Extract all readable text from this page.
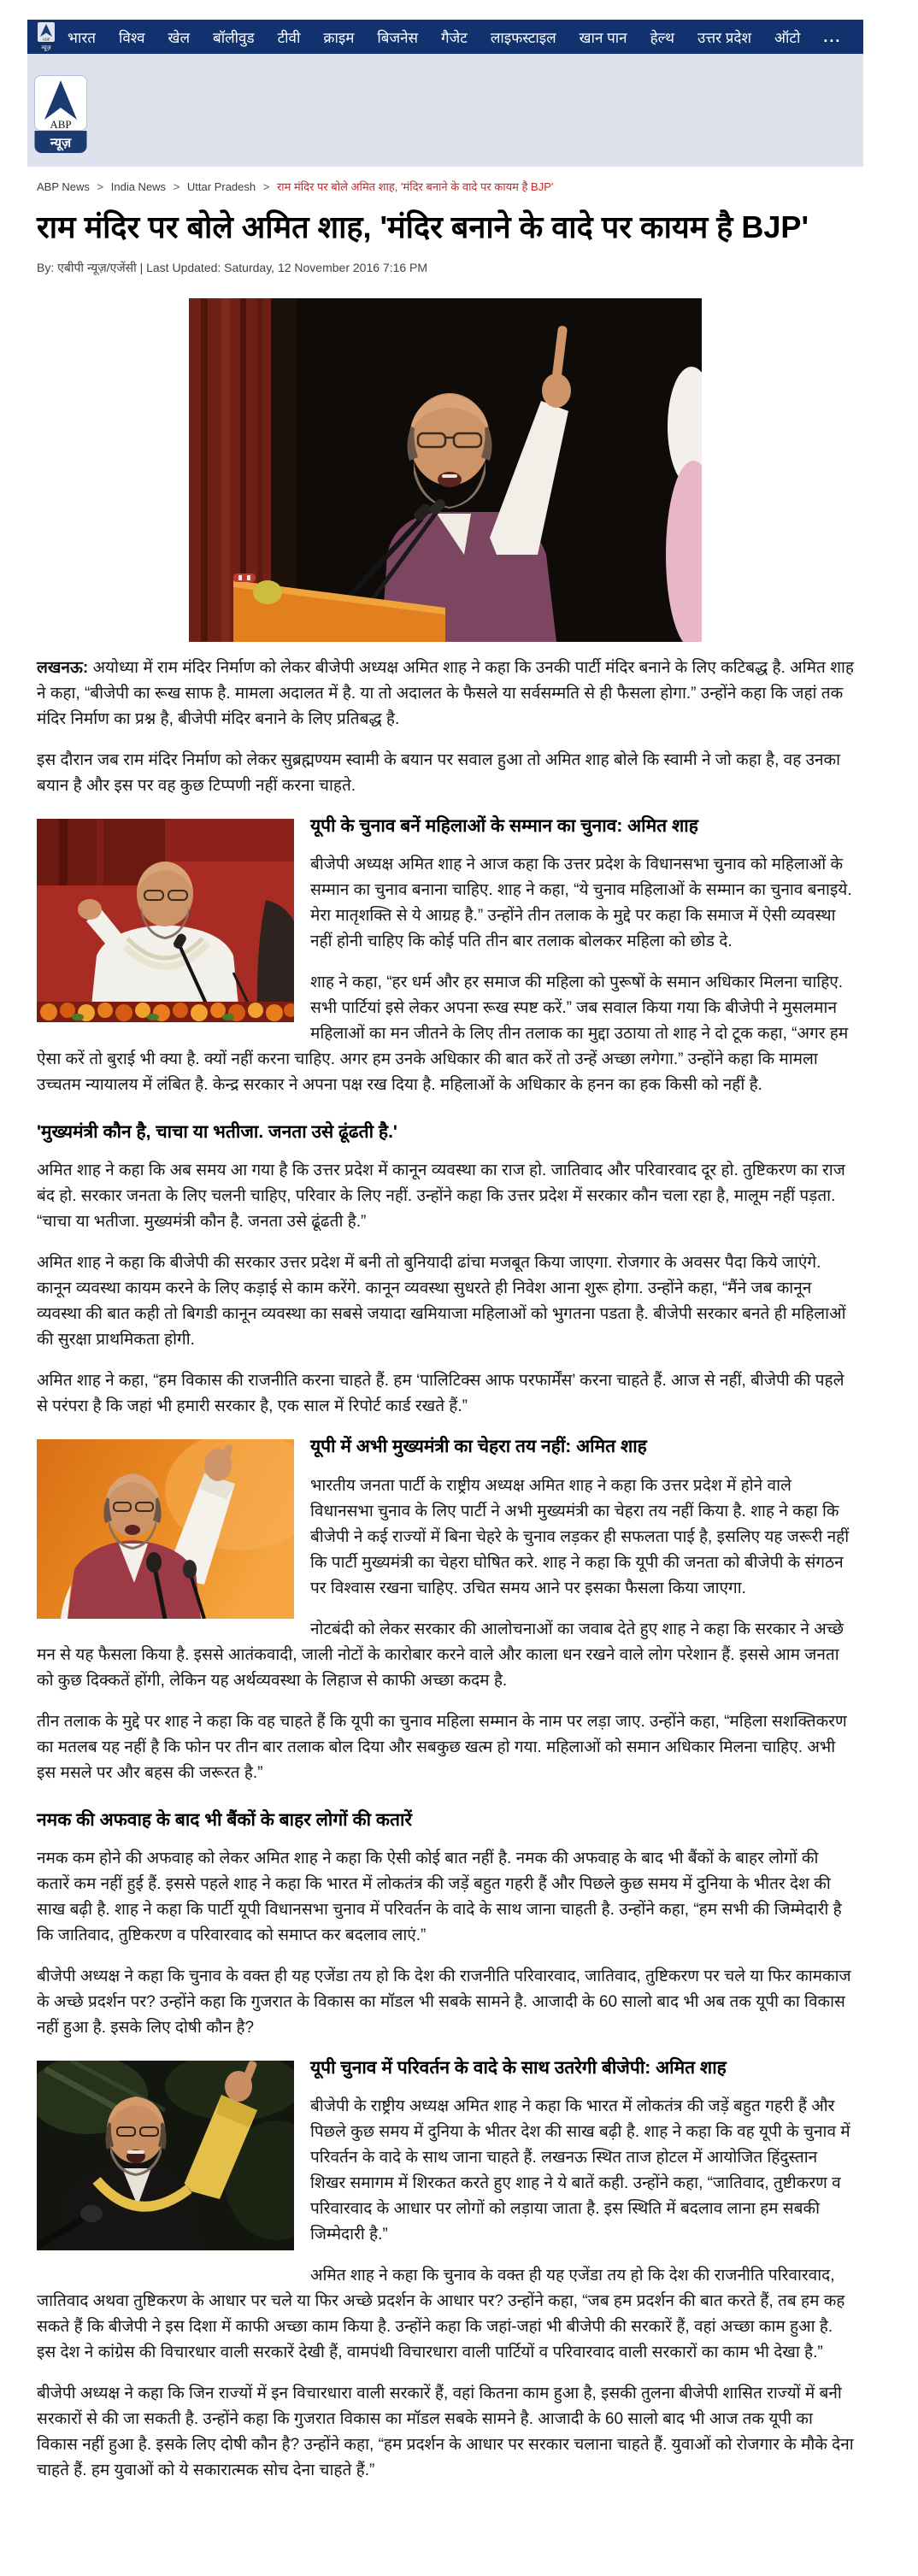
ABP
न्यूज़
भारत विश्व खेल बॉलीवुड टीवी क्राइम बिजनेस गैजेट लाइफस्टाइल खान पान हेल्थ उत्तर प्रदेश ऑटो ...
ABP
न्यूज़
ABP News > India News > Uttar Pradesh > राम मंदिर पर बोले अमित शाह, 'मंदिर बनाने के वादे पर कायम है BJP'
राम मंदिर पर बोले अमित शाह, 'मंदिर बनाने के वादे पर कायम है BJP'
By: एबीपी न्यूज़/एजेंसी | Last Updated: Saturday, 12 November 2016 7:16 PM

लखनऊ: अयोध्या में राम मंदिर निर्माण को लेकर बीजेपी अध्यक्ष अमित शाह ने कहा कि उनकी पार्टी मंदिर बनाने के लिए कटिबद्ध है. अमित शाह ने कहा, “बीजेपी का रूख साफ है. मामला अदालत में है. या तो अदालत के फैसले या सर्वसम्मति से ही फैसला होगा.” उन्होंने कहा कि जहां तक मंदिर निर्माण का प्रश्न है, बीजेपी मंदिर बनाने के लिए प्रतिबद्ध है.

इस दौरान जब राम मंदिर निर्माण को लेकर सुब्रह्मण्यम स्वामी के बयान पर सवाल हुआ तो अमित शाह बोले कि स्वामी ने जो कहा है, वह उनका बयान है और इस पर वह कुछ टिप्पणी नहीं करना चाहते.

यूपी के चुनाव बनें महिलाओं के सम्मान का चुनाव: अमित शाह

बीजेपी अध्यक्ष अमित शाह ने आज कहा कि उत्तर प्रदेश के विधानसभा चुनाव को महिलाओं के सम्मान का चुनाव बनाना चाहिए. शाह ने कहा, “ये चुनाव महिलाओं के सम्मान का चुनाव बनाइये. मेरा मातृशक्ति से ये आग्रह है.” उन्होंने तीन तलाक के मुद्दे पर कहा कि समाज में ऐसी व्यवस्था नहीं होनी चाहिए कि कोई पति तीन बार तलाक बोलकर महिला को छोड दे.

शाह ने कहा, “हर धर्म और हर समाज की महिला को पुरूषों के समान अधिकार मिलना चाहिए. सभी पार्टियां इसे लेकर अपना रूख स्पष्ट करें.” जब सवाल किया गया कि बीजेपी ने मुसलमान महिलाओं का मन जीतने के लिए तीन तलाक का मुद्दा उठाया तो शाह ने दो टूक कहा, “अगर हम ऐसा करें तो बुराई भी क्या है. क्यों नहीं करना चाहिए. अगर हम उनके अधिकार की बात करें तो उन्हें अच्छा लगेगा.” उन्होंने कहा कि मामला उच्चतम न्यायालय में लंबित है. केन्द्र सरकार ने अपना पक्ष रख दिया है. महिलाओं के अधिकार के हनन का हक किसी को नहीं है.

'मुख्यमंत्री कौन है, चाचा या भतीजा. जनता उसे ढूंढती है.'

अमित शाह ने कहा कि अब समय आ गया है कि उत्तर प्रदेश में कानून व्यवस्था का राज हो. जातिवाद और परिवारवाद दूर हो. तुष्टिकरण का राज बंद हो. सरकार जनता के लिए चलनी चाहिए, परिवार के लिए नहीं. उन्होंने कहा कि उत्तर प्रदेश में सरकार कौन चला रहा है, मालूम नहीं पड़ता. “चाचा या भतीजा. मुख्यमंत्री कौन है. जनता उसे ढूंढती है.”

अमित शाह ने कहा कि बीजेपी की सरकार उत्तर प्रदेश में बनी तो बुनियादी ढांचा मजबूत किया जाएगा. रोजगार के अवसर पैदा किये जाएंगे. कानून व्यवस्था कायम करने के लिए कड़ाई से काम करेंगे. कानून व्यवस्था सुधरते ही निवेश आना शुरू होगा. उन्होंने कहा, “मैंने जब कानून व्यवस्था की बात कही तो बिगडी कानून व्यवस्था का सबसे जयादा खमियाजा महिलाओं को भुगतना पडता है. बीजेपी सरकार बनते ही महिलाओं की सुरक्षा प्राथमिकता होगी.

अमित शाह ने कहा, “हम विकास की राजनीति करना चाहते हैं. हम ‘पालिटिक्स आफ परफार्मेंस’ करना चाहते हैं. आज से नहीं, बीजेपी की पहले से परंपरा है कि जहां भी हमारी सरकार है, एक साल में रिपोर्ट कार्ड रखते हैं.”

यूपी में अभी मुख्यमंत्री का चेहरा तय नहीं: अमित शाह

भारतीय जनता पार्टी के राष्ट्रीय अध्यक्ष अमित शाह ने कहा कि उत्तर प्रदेश में होने वाले विधानसभा चुनाव के लिए पार्टी ने अभी मुख्यमंत्री का चेहरा तय नहीं किया है. शाह ने कहा कि बीजेपी ने कई राज्यों में बिना चेहरे के चुनाव लड़कर ही सफलता पाई है, इसलिए यह जरूरी नहीं कि पार्टी मुख्यमंत्री का चेहरा घोषित करे. शाह ने कहा कि यूपी की जनता को बीजेपी के संगठन पर विश्वास रखना चाहिए. उचित समय आने पर इसका फैसला किया जाएगा.

नोटबंदी को लेकर सरकार की आलोचनाओं का जवाब देते हुए शाह ने कहा कि सरकार ने अच्छे मन से यह फैसला किया है. इससे आतंकवादी, जाली नोटों के कारोबार करने वाले और काला धन रखने वाले लोग परेशान हैं. इससे आम जनता को कुछ दिक्कतें होंगी, लेकिन यह अर्थव्यवस्था के लिहाज से काफी अच्छा कदम है.

तीन तलाक के मुद्दे पर शाह ने कहा कि वह चाहते हैं कि यूपी का चुनाव महिला सम्मान के नाम पर लड़ा जाए. उन्होंने कहा, “महिला सशक्तिकरण का मतलब यह नहीं है कि फोन पर तीन बार तलाक बोल दिया और सबकुछ खत्म हो गया. महिलाओं को समान अधिकार मिलना चाहिए. अभी इस मसले पर और बहस की जरूरत है.”

नमक की अफवाह के बाद भी बैंकों के बाहर लोगों की कतारें

नमक कम होने की अफवाह को लेकर अमित शाह ने कहा कि ऐसी कोई बात नहीं है. नमक की अफवाह के बाद भी बैंकों के बाहर लोगों की कतारें कम नहीं हुई हैं. इससे पहले शाह ने कहा कि भारत में लोकतंत्र की जड़ें बहुत गहरी हैं और पिछले कुछ समय में दुनिया के भीतर देश की साख बढ़ी है. शाह ने कहा कि पार्टी यूपी विधानसभा चुनाव में परिवर्तन के वादे के साथ जाना चाहती है. उन्होंने कहा, “हम सभी की जिम्मेदारी है कि जातिवाद, तुष्टिकरण व परिवारवाद को समाप्त कर बदलाव लाएं.”

बीजेपी अध्यक्ष ने कहा कि चुनाव के वक्त ही यह एजेंडा तय हो कि देश की राजनीति परिवारवाद, जातिवाद, तुष्टिकरण पर चले या फिर कामकाज के अच्छे प्रदर्शन पर? उन्होंने कहा कि गुजरात के विकास का मॉडल भी सबके सामने है. आजादी के 60 सालो बाद भी अब तक यूपी का विकास नहीं हुआ है. इसके लिए दोषी कौन है?

यूपी चुनाव में परिवर्तन के वादे के साथ उतरेगी बीजेपी: अमित शाह

बीजेपी के राष्ट्रीय अध्यक्ष अमित शाह ने कहा कि भारत में लोकतंत्र की जड़ें बहुत गहरी हैं और पिछले कुछ समय में दुनिया के भीतर देश की साख बढ़ी है. शाह ने कहा कि वह यूपी के चुनाव में परिवर्तन के वादे के साथ जाना चाहते हैं. लखनऊ स्थित ताज होटल में आयोजित हिंदुस्तान शिखर समागम में शिरकत करते हुए शाह ने ये बातें कही. उन्होंने कहा, “जातिवाद, तुष्टीकरण व परिवारवाद के आधार पर लोगों को लड़ाया जाता है. इस स्थिति में बदलाव लाना हम सबकी जिम्मेदारी है.”

अमित शाह ने कहा कि चुनाव के वक्त ही यह एजेंडा तय हो कि देश की राजनीति परिवारवाद, जातिवाद अथवा तुष्टिकरण के आधार पर चले या फिर अच्छे प्रदर्शन के आधार पर? उन्होंने कहा, “जब हम प्रदर्शन की बात करते हैं, तब हम कह सकते हैं कि बीजेपी ने इस दिशा में काफी अच्छा काम किया है. उन्होंने कहा कि जहां-जहां भी बीजेपी की सरकारें हैं, वहां अच्छा काम हुआ है. इस देश ने कांग्रेस की विचारधार वाली सरकारें देखी हैं, वामपंथी विचारधारा वाली पार्टियों व परिवारवाद वाली सरकारों का काम भी देखा है.”

बीजेपी अध्यक्ष ने कहा कि जिन राज्यों में इन विचारधारा वाली सरकारें हैं, वहां कितना काम हुआ है, इसकी तुलना बीजेपी शासित राज्यों में बनी सरकारों से की जा सकती है. उन्होंने कहा कि गुजरात विकास का मॉडल सबके सामने है. आजादी के 60 सालो बाद भी आज तक यूपी का विकास नहीं हुआ है. इसके लिए दोषी कौन है? उन्होंने कहा, “हम प्रदर्शन के आधार पर सरकार चलाना चाहते हैं. युवाओं को रोजगार के मौके देना चाहते हैं. हम युवाओं को ये सकारात्मक सोच देना चाहते हैं.”
